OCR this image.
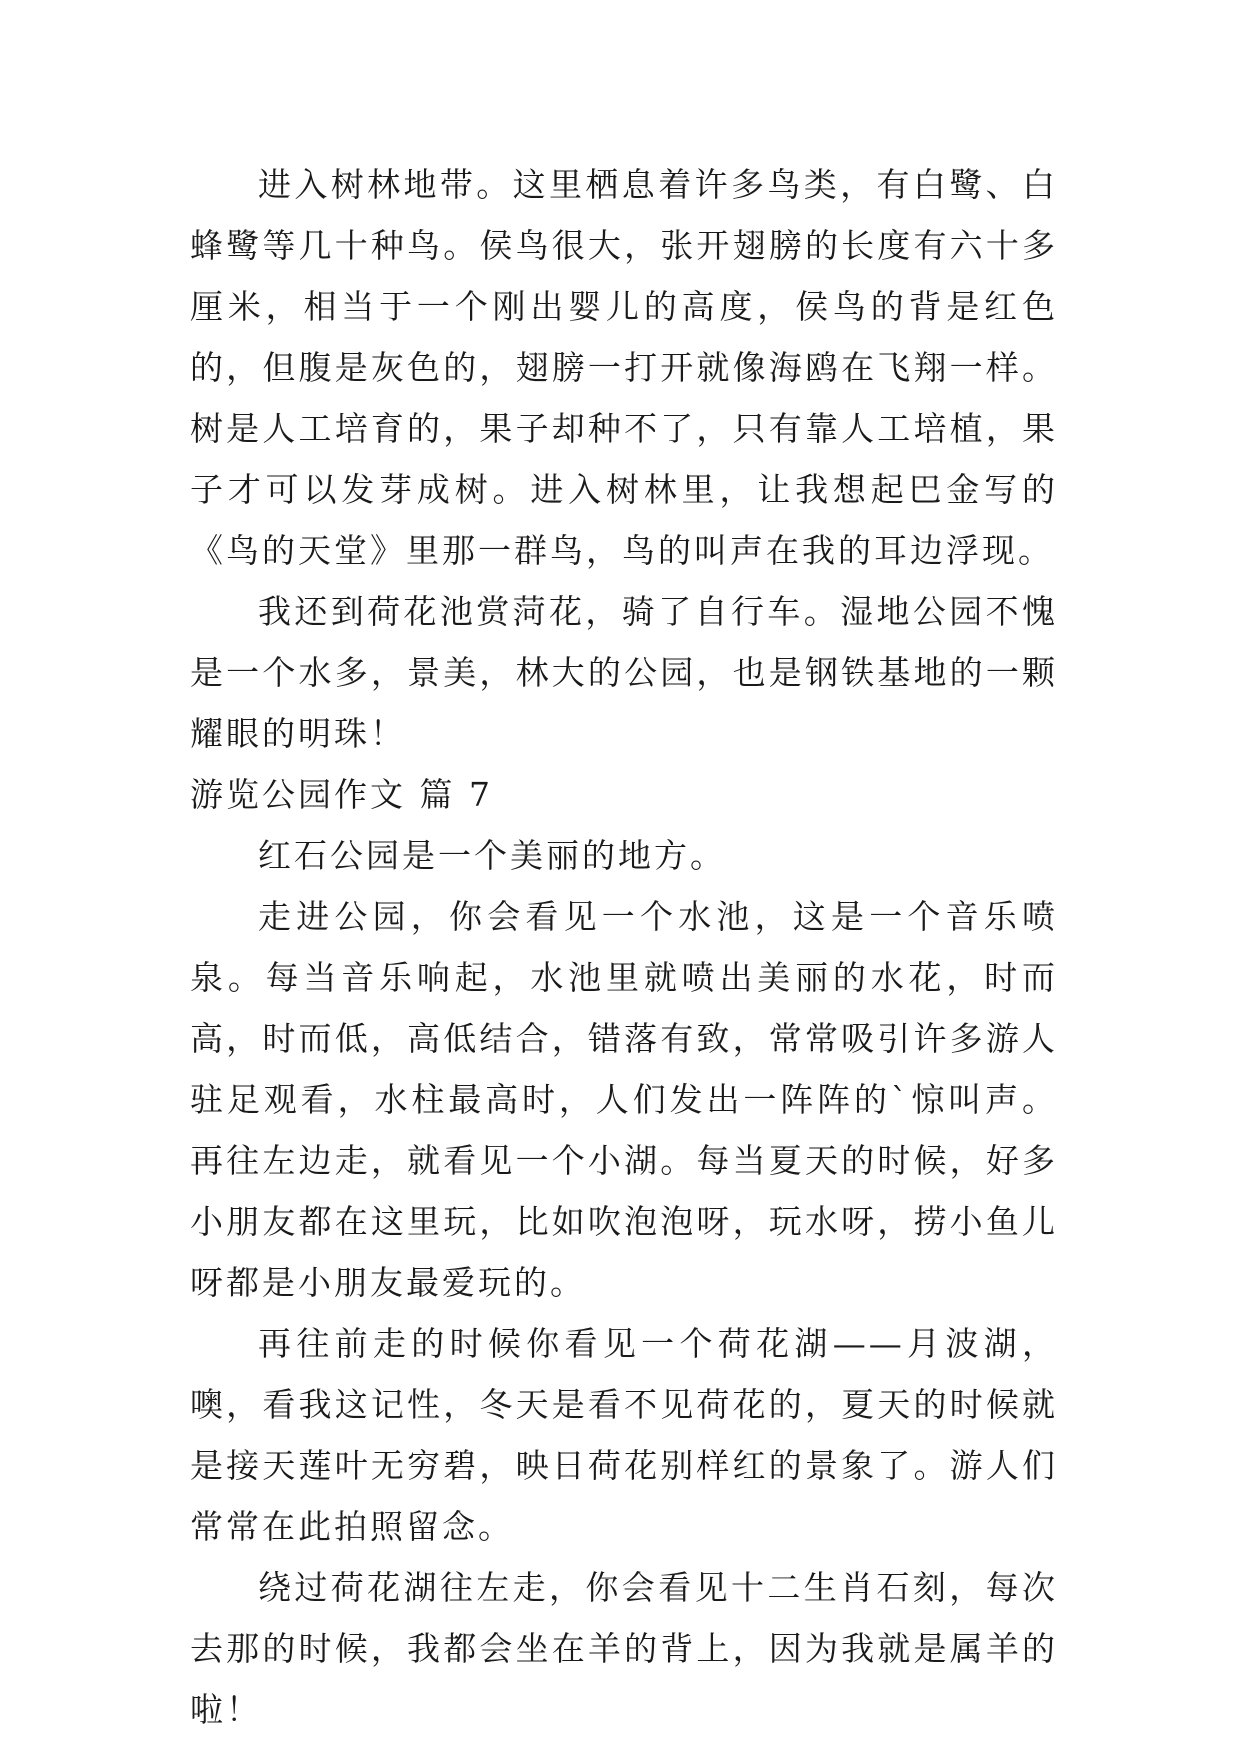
进入树林地带。这里栖息着许多鸟类，有白鹭、白蜂鹭等几十种鸟。侯鸟很大，张开翅膀的长度有六十多厘米，相当于一个刚出婴儿的高度，侯鸟的背是红色的，但腹是灰色的，翅膀一打开就像海鸥在飞翔一样。树是人工培育的，果子却种不了，只有靠人工培植，果子才可以发芽成树。进入树林里，让我想起巴金写的《鸟的天堂》里那一群鸟，鸟的叫声在我的耳边浮现。

我还到荷花池赏菏花，骑了自行车。湿地公园不愧是一个水多，景美，林大的公园，也是钢铁基地的一颗耀眼的明珠！

游览公园作文 篇 7

红石公园是一个美丽的地方。

走进公园，你会看见一个水池，这是一个音乐喷泉。每当音乐响起，水池里就喷出美丽的水花，时而高，时而低，高低结合，错落有致，常常吸引许多游人驻足观看，水柱最高时，人们发出一阵阵的`惊叫声。再往左边走，就看见一个小湖。每当夏天的时候，好多小朋友都在这里玩，比如吹泡泡呀，玩水呀，捞小鱼儿呀都是小朋友最爱玩的。

再往前走的时候你看见一个荷花湖——月波湖，噢，看我这记性，冬天是看不见荷花的，夏天的时候就是接天莲叶无穷碧，映日荷花别样红的景象了。游人们常常在此拍照留念。

绕过荷花湖往左走，你会看见十二生肖石刻，每次去那的时候，我都会坐在羊的背上，因为我就是属羊的啦！
